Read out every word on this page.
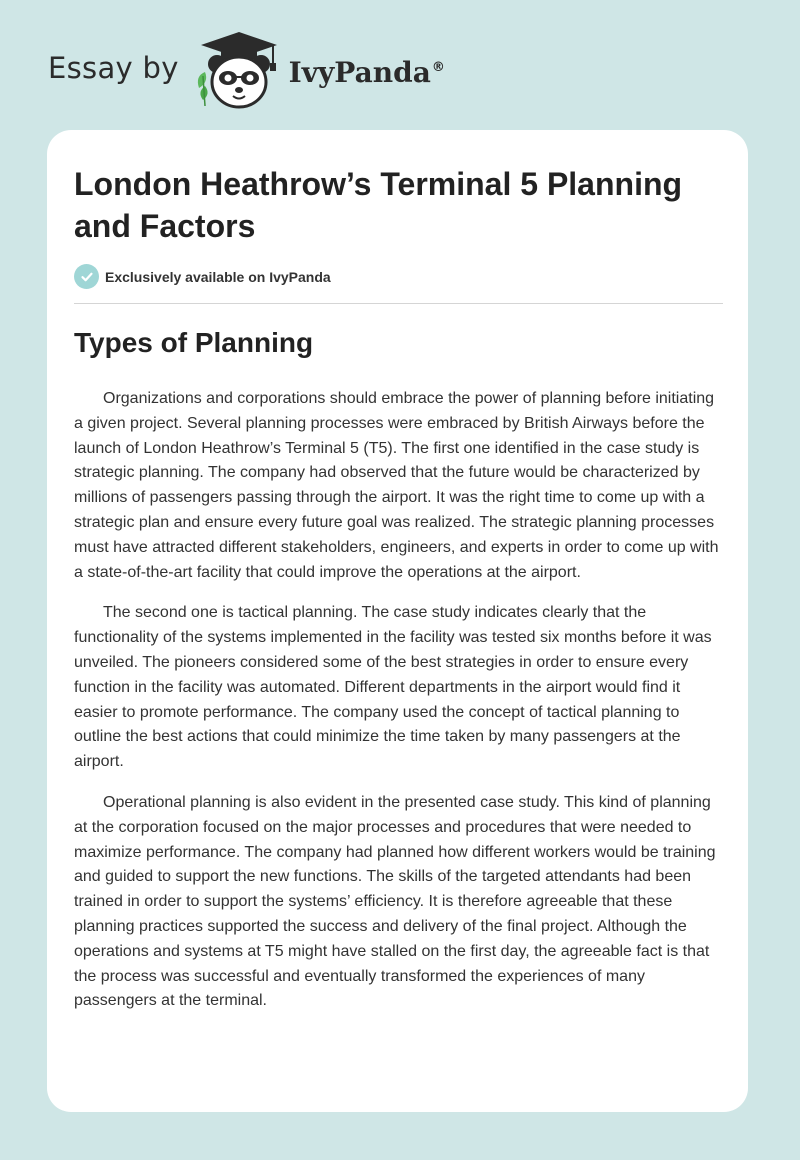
Essay by	IvyPanda®
London Heathrow’s Terminal 5 Planning and Factors
Exclusively available on IvyPanda
Types of Planning

Organizations and corporations should embrace the power of planning before initiating a given project. Several planning processes were embraced by British Airways before the launch of London Heathrow’s Terminal 5 (T5). The first one identified in the case study is strategic planning. The company had observed that the future would be characterized by millions of passengers passing through the airport. It was the right time to come up with a strategic plan and ensure every future goal was realized. The strategic planning processes must have attracted different stakeholders, engineers, and experts in order to come up with a state-of-the-art facility that could improve the operations at the airport.

The second one is tactical planning. The case study indicates clearly that the functionality of the systems implemented in the facility was tested six months before it was unveiled. The pioneers considered some of the best strategies in order to ensure every function in the facility was automated. Different departments in the airport would find it easier to promote performance. The company used the concept of tactical planning to outline the best actions that could minimize the time taken by many passengers at the airport.

Operational planning is also evident in the presented case study. This kind of planning at the corporation focused on the major processes and procedures that were needed to maximize performance. The company had planned how different workers would be training and guided to support the new functions. The skills of the targeted attendants had been trained in order to support the systems’ efficiency. It is therefore agreeable that these planning practices supported the success and delivery of the final project. Although the operations and systems at T5 might have stalled on the first day, the agreeable fact is that the process was successful and eventually transformed the experiences of many passengers at the terminal.
